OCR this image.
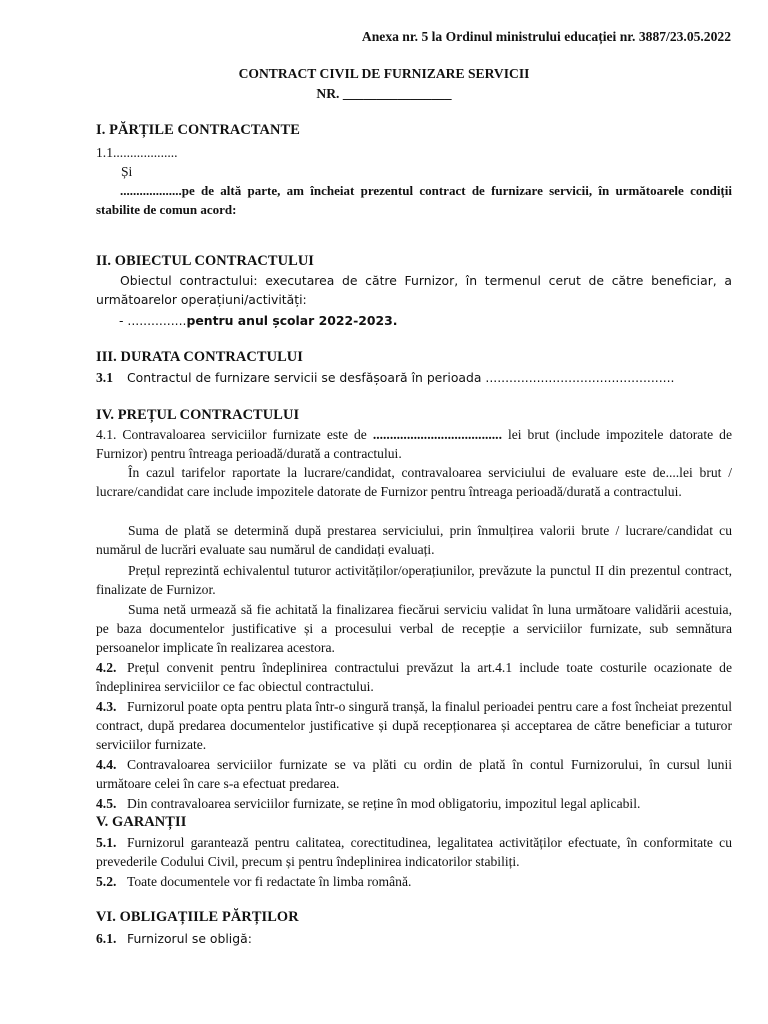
Anexa nr. 5 la Ordinul ministrului educației nr. 3887/23.05.2022
CONTRACT CIVIL DE FURNIZARE SERVICII
NR. ________________
I. PĂRȚILE CONTRACTANTE
1.1...................
Și
...................pe de altă parte, am încheiat prezentul contract de furnizare servicii, în următoarele condiții stabilite de comun acord:
II. OBIECTUL CONTRACTULUI
Obiectul contractului: executarea de către Furnizor, în termenul cerut de către beneficiar, a următoarelor operațiuni/activități:
- ...............pentru anul școlar 2022-2023.
III. DURATA CONTRACTULUI
3.1 Contractul de furnizare servicii se desfășoară în perioada ................................................
IV. PREȚUL CONTRACTULUI
4.1. Contravaloarea serviciilor furnizate este de ...................................... lei brut (include impozitele datorate de Furnizor) pentru întreaga perioadă/durată a contractului.
În cazul tarifelor raportate la lucrare/candidat, contravaloarea serviciului de evaluare este de....lei brut / lucrare/candidat care include impozitele datorate de Furnizor pentru întreaga perioadă/durată a contractului.
Suma de plată se determină după prestarea serviciului, prin înmulțirea valorii brute / lucrare/candidat cu numărul de lucrări evaluate sau numărul de candidați evaluați.
Prețul reprezintă echivalentul tuturor activităților/operațiunilor, prevăzute la punctul II din prezentul contract, finalizate de Furnizor.
Suma netă urmează să fie achitată la finalizarea fiecărui serviciu validat în luna următoare validării acestuia, pe baza documentelor justificative și a procesului verbal de recepție a serviciilor furnizate, sub semnătura persoanelor implicate în realizarea acestora.
4.2. Prețul convenit pentru îndeplinirea contractului prevăzut la art.4.1 include toate costurile ocazionate de îndeplinirea serviciilor ce fac obiectul contractului.
4.3. Furnizorul poate opta pentru plata într-o singură tranșă, la finalul perioadei pentru care a fost încheiat prezentul contract, după predarea documentelor justificative și după recepționarea și acceptarea de către beneficiar a tuturor serviciilor furnizate.
4.4. Contravaloarea serviciilor furnizate se va plăti cu ordin de plată în contul Furnizorului, în cursul lunii următoare celei în care s-a efectuat predarea.
4.5. Din contravaloarea serviciilor furnizate, se reține în mod obligatoriu, impozitul legal aplicabil.
V. GARANȚII
5.1. Furnizorul garantează pentru calitatea, corectitudinea, legalitatea activităților efectuate, în conformitate cu prevederile Codului Civil, precum și pentru îndeplinirea indicatorilor stabiliți.
5.2. Toate documentele vor fi redactate în limba română.
VI. OBLIGAȚIILE PĂRȚILOR
6.1. Furnizorul se obligă:
